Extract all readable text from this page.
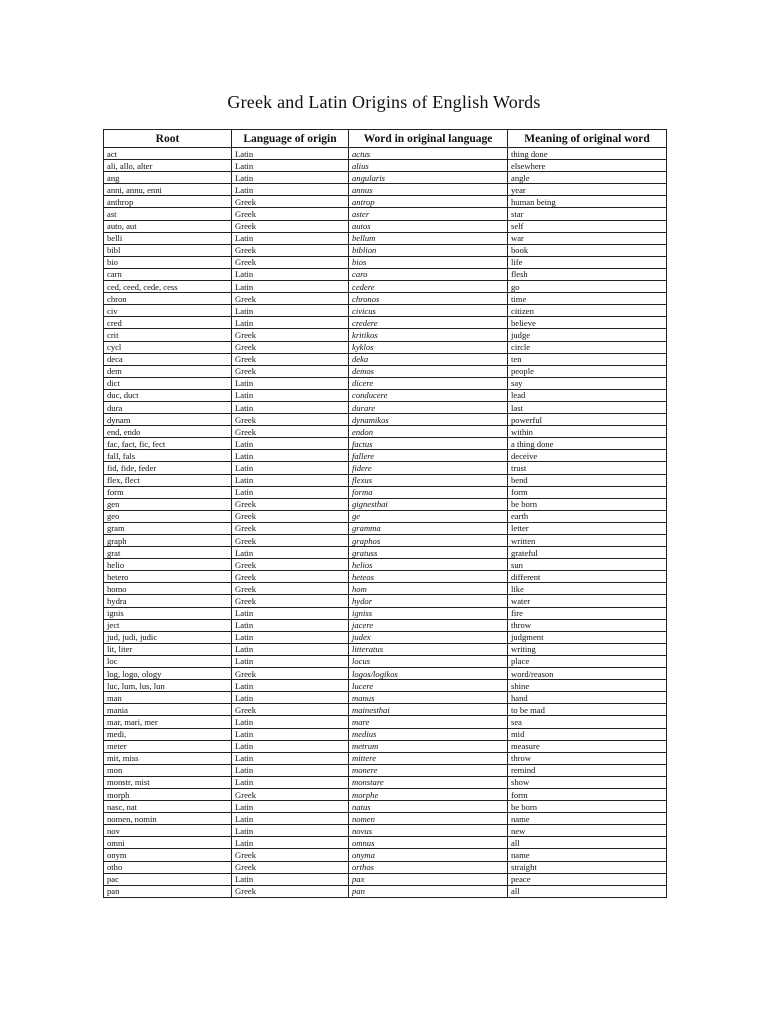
Greek and Latin Origins of English Words
Root	Language of origin	Word in original language	Meaning of original word
act	Latin	actus	thing done
ali, allo, alter	Latin	alius	elsewhere
ang	Latin	angularis	angle
anni, annu, enni	Latin	annus	year
anthrop	Greek	antrop	human being
ast	Greek	aster	star
auto, aut	Greek	autos	self
belli	Latin	bellum	war
bibl	Greek	biblion	book
bio	Greek	bios	life
carn	Latin	caro	flesh
ced, ceed, cede, cess	Latin	cedere	go
chron	Greek	chronos	time
civ	Latin	civicus	citizen
cred	Latin	credere	believe
crit	Greek	kritikos	judge
cycl	Greek	kyklos	circle
deca	Greek	deka	ten
dem	Greek	demos	people
dict	Latin	dicere	say
duc, duct	Latin	conducere	lead
dura	Latin	durare	last
dynam	Greek	dynamikos	powerful
end, endo	Greek	endon	within
fac, fact, fic, fect	Latin	factus	a thing done
fall, fals	Latin	fallere	deceive
fid, fide, feder	Latin	fidere	trust
flex, flect	Latin	flexus	bend
form	Latin	forma	form
gen	Greek	gignesthai	be born
geo	Greek	ge	earth
gram	Greek	gramma	letter
graph	Greek	graphos	written
grat	Latin	gratuss	grateful
helio	Greek	helios	sun
hetero	Greek	heteos	different
homo	Greek	hom	like
hydra	Greek	hydor	water
ignis	Latin	igniss	fire
ject	Latin	jacere	throw
jud, judi, judic	Latin	judex	judgment
lit, liter	Latin	litteratus	writing
loc	Latin	locus	place
log, logo, ology	Greek	logos/logikos	word/reason
luc, lum, lus, lun	Latin	lucere	shine
man	Latin	manus	hand
mania	Greek	mainesthai	to be mad
mar, mari, mer	Latin	mare	sea
medi,	Latin	medius	mid
meter	Latin	metrum	measure
mit, miss	Latin	mittere	throw
mon	Latin	monere	remind
monstr, mist	Latin	monstare	show
morph	Greek	morphe	form
nasc, nat	Latin	natus	be born
nomen, nomin	Latin	nomen	name
nov	Latin	novus	new
omni	Latin	omnus	all
onym	Greek	onyma	name
otho	Greek	orthos	straight
pac	Latin	pax	peace
pan	Greek	pan	all
